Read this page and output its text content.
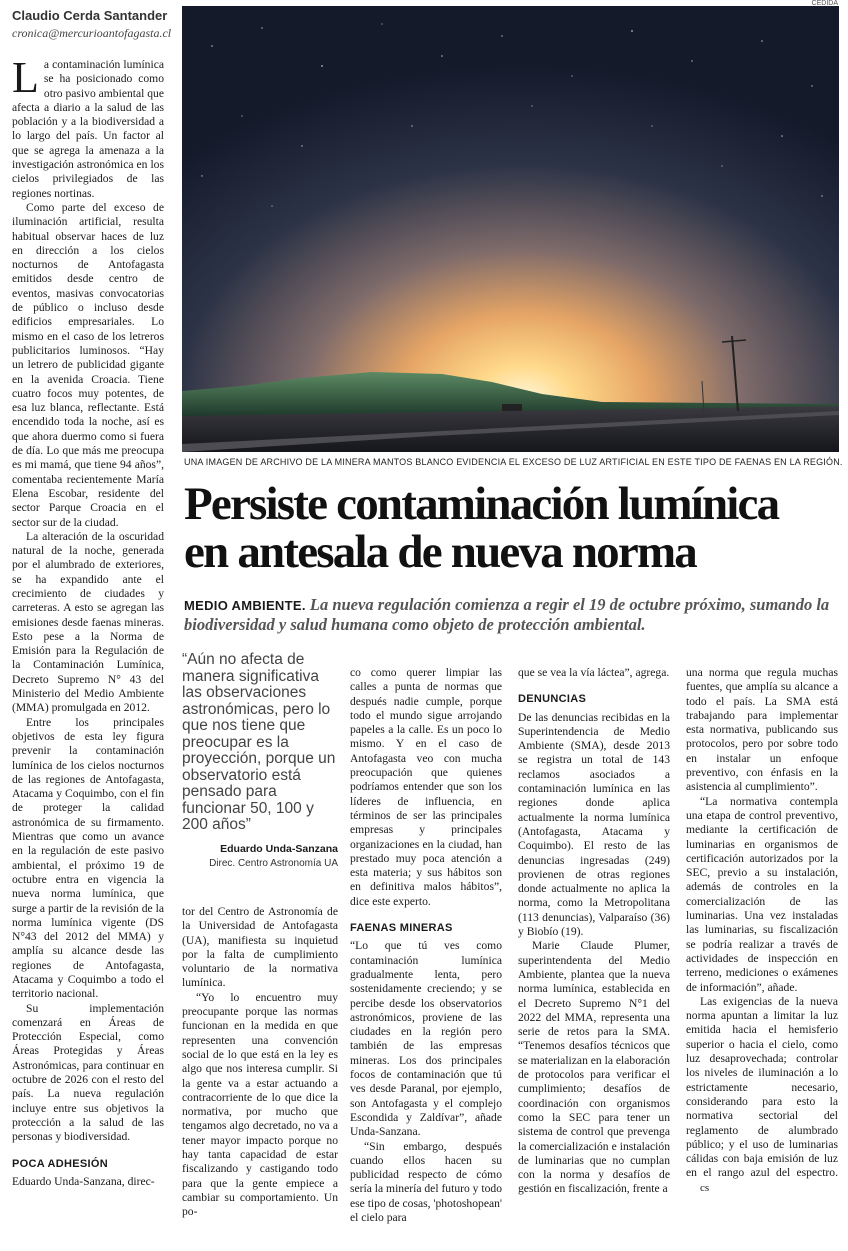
Claudio Cerda Santander
cronica@mercurioantofagasta.cl
CEDIDA
UNA IMAGEN DE ARCHIVO DE LA MINERA MANTOS BLANCO EVIDENCIA EL EXCESO DE LUZ ARTIFICIAL EN ESTE TIPO DE FAENAS EN LA REGIÓN.
Persiste contaminación lumínica
en antesala de nueva norma
MEDIO AMBIENTE. La nueva regulación comienza a regir el 19 de octubre próximo, sumando la biodiversidad y salud humana como objeto de protección ambiental.
“Aún no afecta de manera significativa las observaciones astronómicas, pero lo que nos tiene que preocupar es la proyección, porque un observatorio está pensado para funcionar 50, 100 y 200 años”
Eduardo Unda-Sanzana
Direc. Centro Astronomía UA

La contaminación lumínica se ha posicionado como otro pasivo ambiental que afecta a diario a la salud de las población y a la biodiversidad a lo largo del país. Un factor al que se agrega la amenaza a la investigación astronómica en los cielos privilegiados de las regiones nortinas.

Como parte del exceso de iluminación artificial, resulta habitual observar haces de luz en dirección a los cielos nocturnos de Antofagasta emitidos desde centro de eventos, masivas convocatorias de público o incluso desde edificios empresariales. Lo mismo en el caso de los letreros publicitarios luminosos. “Hay un letrero de publicidad gigante en la avenida Croacia. Tiene cuatro focos muy potentes, de esa luz blanca, reflectante. Está encendido toda la noche, así es que ahora duermo como si fuera de día. Lo que más me preocupa es mi mamá, que tiene 94 años”, comentaba recientemente María Elena Escobar, residente del sector Parque Croacia en el sector sur de la ciudad.

La alteración de la oscuridad natural de la noche, generada por el alumbrado de exteriores, se ha expandido ante el crecimiento de ciudades y carreteras. A esto se agregan las emisiones desde faenas mineras. Esto pese a la Norma de Emisión para la Regulación de la Contaminación Lumínica, Decreto Supremo N° 43 del Ministerio del Medio Ambiente (MMA) promulgada en 2012.

Entre los principales objetivos de esta ley figura prevenir la contaminación lumínica de los cielos nocturnos de las regiones de Antofagasta, Atacama y Coquimbo, con el fin de proteger la calidad astronómica de su firmamento. Mientras que como un avance en la regulación de este pasivo ambiental, el próximo 19 de octubre entra en vigencia la nueva norma lumínica, que surge a partir de la revisión de la norma lumínica vigente (DS N°43 del 2012 del MMA) y amplía su alcance desde las regiones de Antofagasta, Atacama y Coquimbo a todo el territorio nacional.

Su implementación comenzará en Áreas de Protección Especial, como Áreas Protegidas y Áreas Astronómicas, para continuar en octubre de 2026 con el resto del país. La nueva regulación incluye entre sus objetivos la protección a la salud de las personas y biodiversidad.

POCA ADHESIÓN

Eduardo Unda-Sanzana, direc-

tor del Centro de Astronomía de la Universidad de Antofagasta (UA), manifiesta su inquietud por la falta de cumplimiento voluntario de la normativa lumínica.

“Yo lo encuentro muy preocupante porque las normas funcionan en la medida en que representen una convención social de lo que está en la ley es algo que nos interesa cumplir. Si la gente va a estar actuando a contracorriente de lo que dice la normativa, por mucho que tengamos algo decretado, no va a tener mayor impacto porque no hay tanta capacidad de estar fiscalizando y castigando todo para que la gente empiece a cambiar su comportamiento. Un po-

co como querer limpiar las calles a punta de normas que después nadie cumple, porque todo el mundo sigue arrojando papeles a la calle. Es un poco lo mismo. Y en el caso de Antofagasta veo con mucha preocupación que quienes podríamos entender que son los líderes de influencia, en términos de ser las principales empresas y principales organizaciones en la ciudad, han prestado muy poca atención a esta materia; y sus hábitos son en definitiva malos hábitos”, dice este experto.

FAENAS MINERAS

“Lo que tú ves como contaminación lumínica gradualmente lenta, pero sostenidamente creciendo; y se percibe desde los observatorios astronómicos, proviene de las ciudades en la región pero también de las empresas mineras. Los dos principales focos de contaminación que tú ves desde Paranal, por ejemplo, son Antofagasta y el complejo Escondida y Zaldívar”, añade Unda-Sanzana.

“Sin embargo, después cuando ellos hacen su publicidad respecto de cómo sería la minería del futuro y todo ese tipo de cosas, 'photoshopean' el cielo para

que se vea la vía láctea”, agrega.

DENUNCIAS

De las denuncias recibidas en la Superintendencia de Medio Ambiente (SMA), desde 2013 se registra un total de 143 reclamos asociados a contaminación lumínica en las regiones donde aplica actualmente la norma lumínica (Antofagasta, Atacama y Coquimbo). El resto de las denuncias ingresadas (249) provienen de otras regiones donde actualmente no aplica la norma, como la Metropolitana (113 denuncias), Valparaíso (36) y Biobío (19).

Marie Claude Plumer, superintendenta del Medio Ambiente, plantea que la nueva norma lumínica, establecida en el Decreto Supremo N°1 del 2022 del MMA, representa una serie de retos para la SMA. “Tenemos desafíos técnicos que se materializan en la elaboración de protocolos para verificar el cumplimiento; desafíos de coordinación con organismos como la SEC para tener un sistema de control que prevenga la comercialización e instalación de luminarias que no cumplan con la norma y desafíos de gestión en fiscalización, frente a

una norma que regula muchas fuentes, que amplía su alcance a todo el país. La SMA está trabajando para implementar esta normativa, publicando sus protocolos, pero por sobre todo en instalar un enfoque preventivo, con énfasis en la asistencia al cumplimiento”.

“La normativa contempla una etapa de control preventivo, mediante la certificación de luminarias en organismos de certificación autorizados por la SEC, previo a su instalación, además de controles en la comercialización de las luminarias. Una vez instaladas las luminarias, su fiscalización se podría realizar a través de actividades de inspección en terreno, mediciones o exámenes de información”, añade.

Las exigencias de la nueva norma apuntan a limitar la luz emitida hacia el hemisferio superior o hacia el cielo, como luz desaprovechada; controlar los niveles de iluminación a lo estrictamente necesario, considerando para esto la normativa sectorial del reglamento de alumbrado público; y el uso de luminarias cálidas con baja emisión de luz en el rango azul del espectro. cs
